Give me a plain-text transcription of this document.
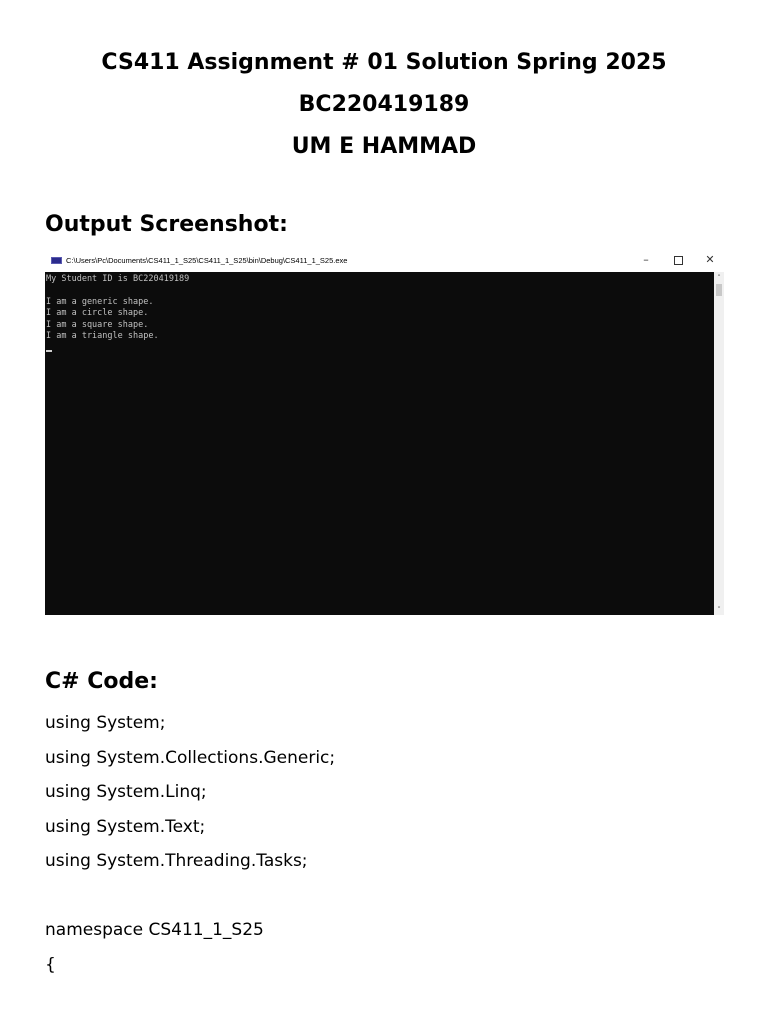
CS411 Assignment # 01 Solution Spring 2025

BC220419189

UM E HAMMAD

Output Screenshot:
C:\Users\Pc\Documents\CS411_1_S25\CS411_1_S25\bin\Debug\CS411_1_S25.exe	–	✕
My Student ID is BC220419189

I am a generic shape.
I am a circle shape.
I am a square shape.
I am a triangle shape.
˄
˅
C# Code:

using System;

using System.Collections.Generic;

using System.Linq;

using System.Text;

using System.Threading.Tasks;

namespace CS411_1_S25

{
